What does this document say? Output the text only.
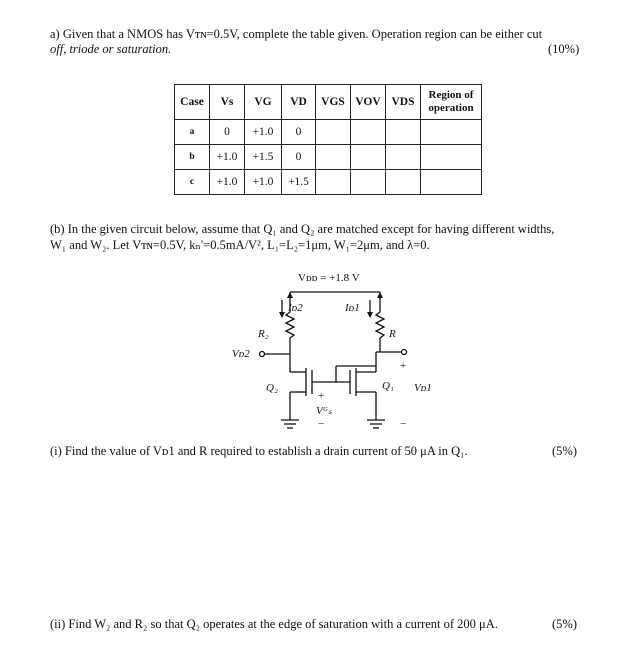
a) Given that a NMOS has Vᴛɴ=0.5V, complete the table given. Operation region can be either cut
off, triode or saturation.	(10%)
Case	Vs	VG	VD	VGS	VOV	VDS	Region of operation
a	0	+1.0	0				
b	+1.0	+1.5	0				
c	+1.0	+1.0	+1.5				
(b) In the given circuit below, assume that Q₁ and Q₂ are matched except for having different widths,
W₁ and W₂. Let Vᴛɴ=0.5V, kₙ'=0.5mA/V², L₁=L₂=1μm, W₁=2μm, and λ=0.
Vᴅᴅ = +1.8 V
Iᴅ2	Iᴅ1
R₂	R
Vᴅ2
Q₂	Q₁ Vᴅ1
Vᴳₛ
+
+
−	−
(i) Find the value of Vᴅ1 and R required to establish a drain current of 50 μA in Q₁.	(5%)
(ii) Find W₂ and R₂ so that Q₂ operates at the edge of saturation with a current of 200 μA.	(5%)
